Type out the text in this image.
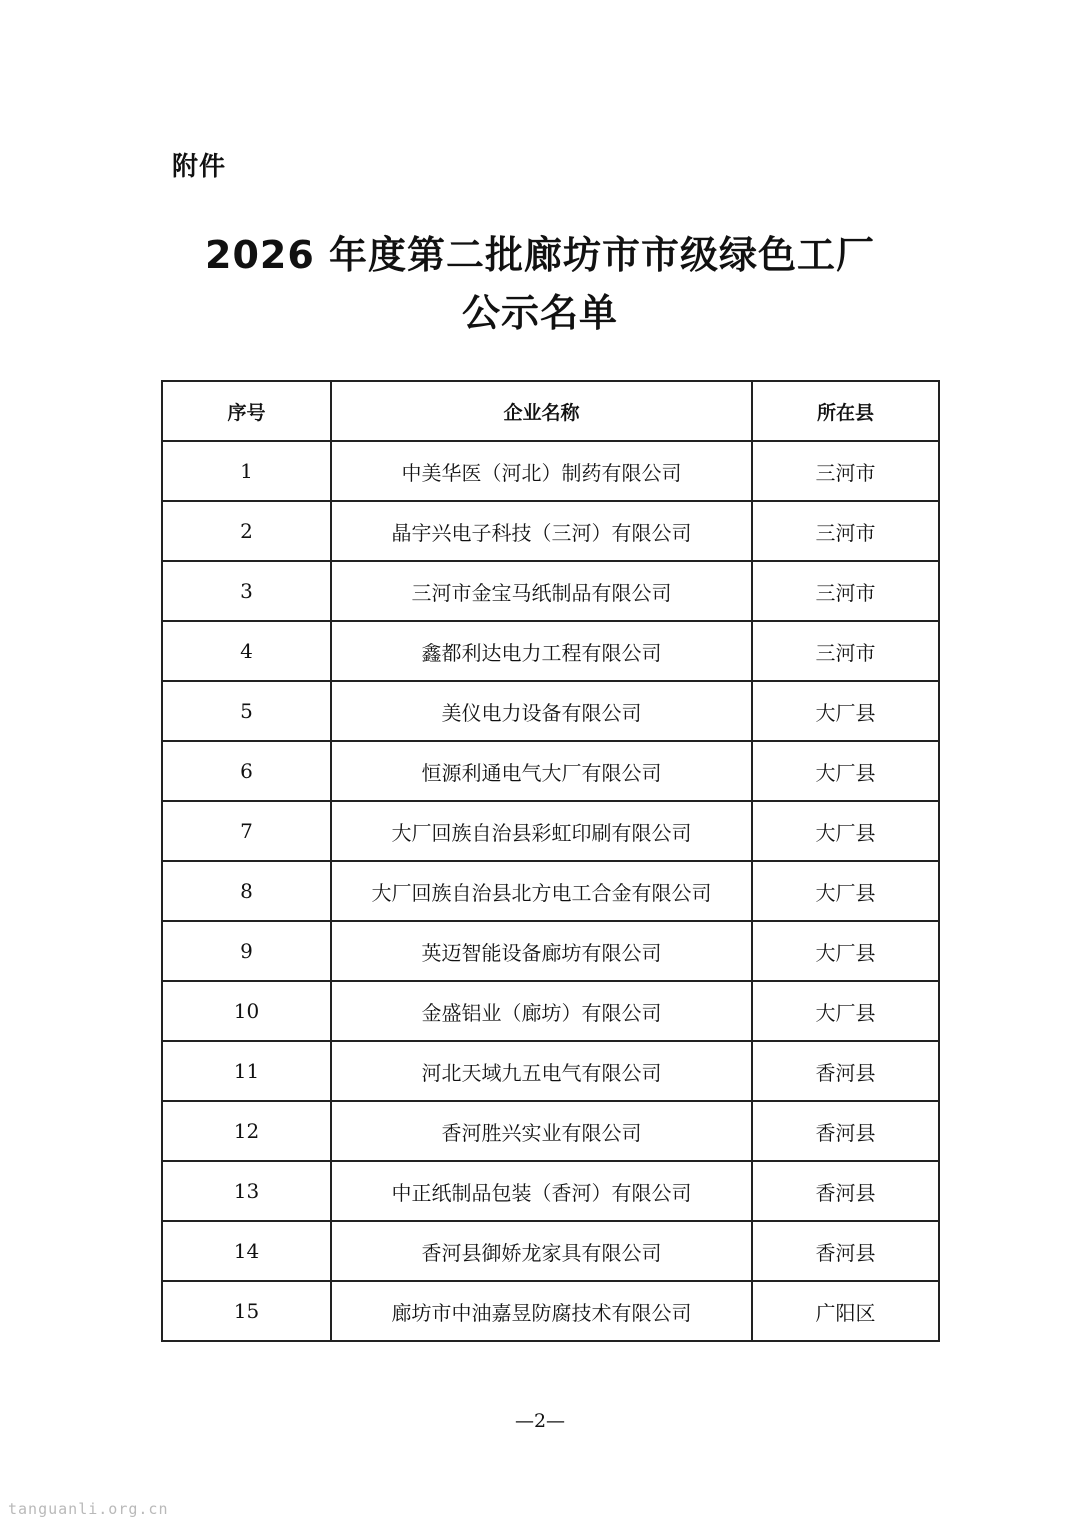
附件
2026 年度第二批廊坊市市级绿色工厂
公示名单
序号	企业名称	所在县
1	中美华医（河北）制药有限公司	三河市
2	晶宇兴电子科技（三河）有限公司	三河市
3	三河市金宝马纸制品有限公司	三河市
4	鑫都利达电力工程有限公司	三河市
5	美仪电力设备有限公司	大厂县
6	恒源利通电气大厂有限公司	大厂县
7	大厂回族自治县彩虹印刷有限公司	大厂县
8	大厂回族自治县北方电工合金有限公司	大厂县
9	英迈智能设备廊坊有限公司	大厂县
10	金盛铝业（廊坊）有限公司	大厂县
11	河北天域九五电气有限公司	香河县
12	香河胜兴实业有限公司	香河县
13	中正纸制品包装（香河）有限公司	香河县
14	香河县御娇龙家具有限公司	香河县
15	廊坊市中油嘉昱防腐技术有限公司	广阳区
—2—
tanguanli.org.cn
